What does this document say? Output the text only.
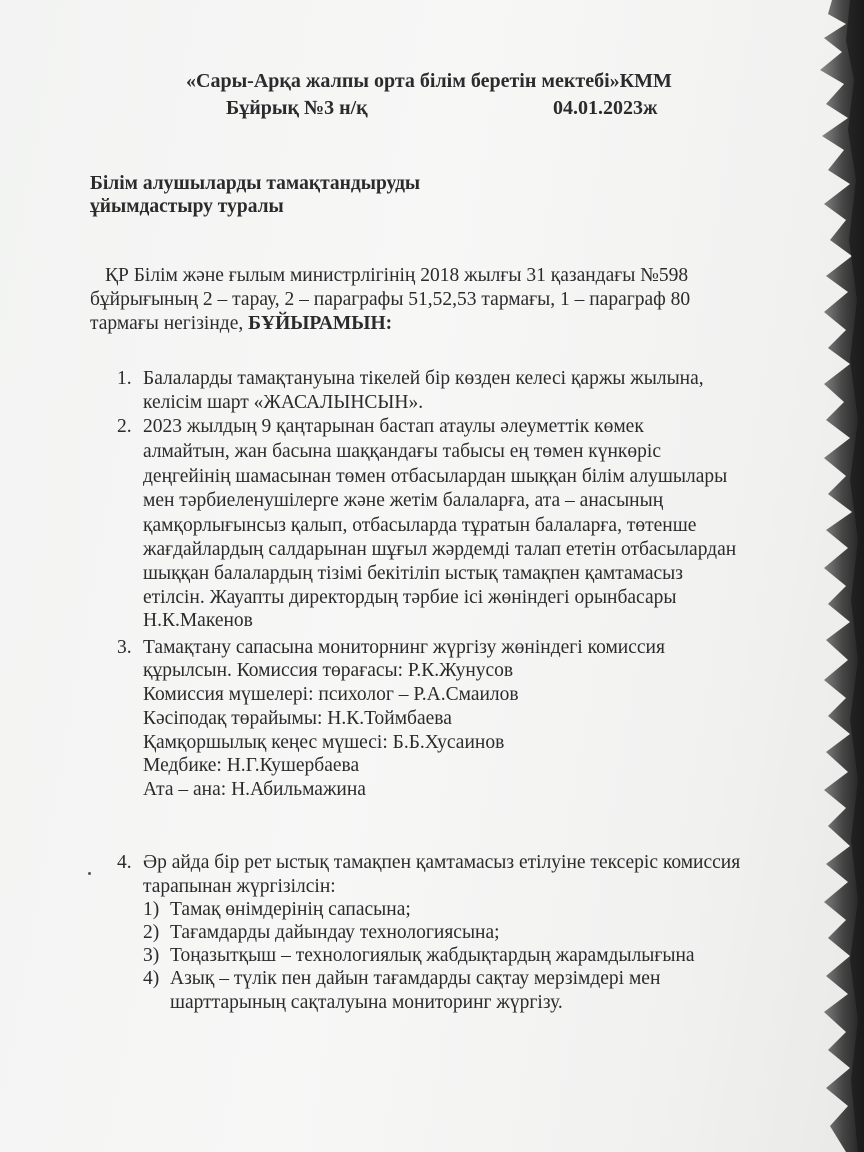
«Сары-Арқа жалпы орта білім беретін мектебі»КММ
Бұйрық №3 н/қ	04.01.2023ж
Білім алушыларды тамақтандыруды
ұйымдастыру туралы
ҚР Білім және ғылым министрлігінің 2018 жылғы 31 қазандағы №598
бұйрығының 2 – тарау, 2 – параграфы 51,52,53 тармағы, 1 – параграф 80
тармағы негізінде, БҰЙЫРАМЫН:
1. Балаларды тамақтануына тікелей бір көзден келесі қаржы жылына,
келісім шарт «ЖАСАЛЫНСЫН».
2. 2023 жылдың 9 қаңтарынан бастап атаулы әлеуметтік көмек
алмайтын, жан басына шаққандағы табысы ең төмен күнкөріс
деңгейінің шамасынан төмен отбасылардан шыққан білім алушылары
мен тәрбиеленушілерге және жетім балаларға, ата – анасының
қамқорлығынсыз қалып, отбасыларда тұратын балаларға, төтенше
жағдайлардың салдарынан шұғыл жәрдемді талап ететін отбасылардан
шыққан балалардың тізімі бекітіліп ыстық тамақпен қамтамасыз
етілсін. Жауапты директордың тәрбие ісі жөніндегі орынбасары
Н.К.Макенов
3. Тамақтану сапасына мониторнинг жүргізу жөніндегі комиссия
құрылсын. Комиссия төрағасы: Р.К.Жунусов
Комиссия мүшелері: психолог – Р.А.Смаилов
Кәсіподақ төрайымы: Н.К.Тоймбаева
Қамқоршылық кеңес мүшесі: Б.Б.Хусаинов
Медбике: Н.Г.Кушербаева
Ата – ана: Н.Абильмажина
4. Әр айда бір рет ыстық тамақпен қамтамасыз етілуіне тексеріс комиссия
тарапынан жүргізілсін:
1) Тамақ өнімдерінің сапасына;
2) Тағамдарды дайындау технологиясына;
3) Тоңазытқыш – технологиялық жабдықтардың жарамдылығына
4) Азық – түлік пен дайын тағамдарды сақтау мерзімдері мен
шарттарының сақталуына мониторинг жүргізу.
